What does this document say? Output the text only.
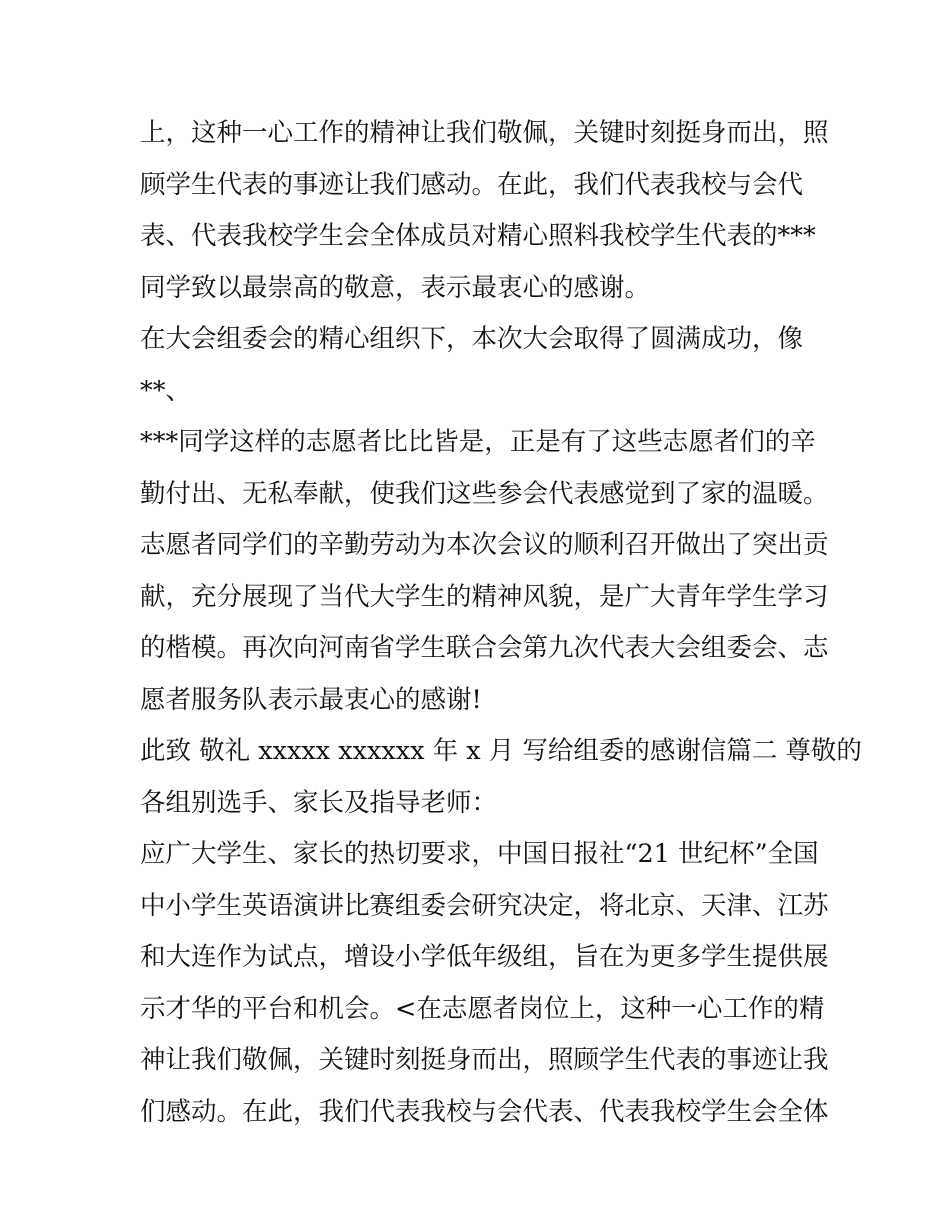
上，这种一心工作的精神让我们敬佩，关键时刻挺身而出，照
顾学生代表的事迹让我们感动。在此，我们代表我校与会代
表、代表我校学生会全体成员对精心照料我校学生代表的***
同学致以最崇高的敬意，表示最衷心的感谢。
在大会组委会的精心组织下，本次大会取得了圆满成功，像
**、
***同学这样的志愿者比比皆是，正是有了这些志愿者们的辛
勤付出、无私奉献，使我们这些参会代表感觉到了家的温暖。
志愿者同学们的辛勤劳动为本次会议的顺利召开做出了突出贡
献，充分展现了当代大学生的精神风貌，是广大青年学生学习
的楷模。再次向河南省学生联合会第九次代表大会组委会、志
愿者服务队表示最衷心的感谢!
此致 敬礼 xxxxx xxxxxx 年 x 月 写给组委的感谢信篇二 尊敬的
各组别选手、家长及指导老师：
应广大学生、家长的热切要求，中国日报社“21 世纪杯”全国
中小学生英语演讲比赛组委会研究决定，将北京、天津、江苏
和大连作为试点，增设小学低年级组，旨在为更多学生提供展
示才华的平台和机会。<在志愿者岗位上，这种一心工作的精
神让我们敬佩，关键时刻挺身而出，照顾学生代表的事迹让我
们感动。在此，我们代表我校与会代表、代表我校学生会全体
